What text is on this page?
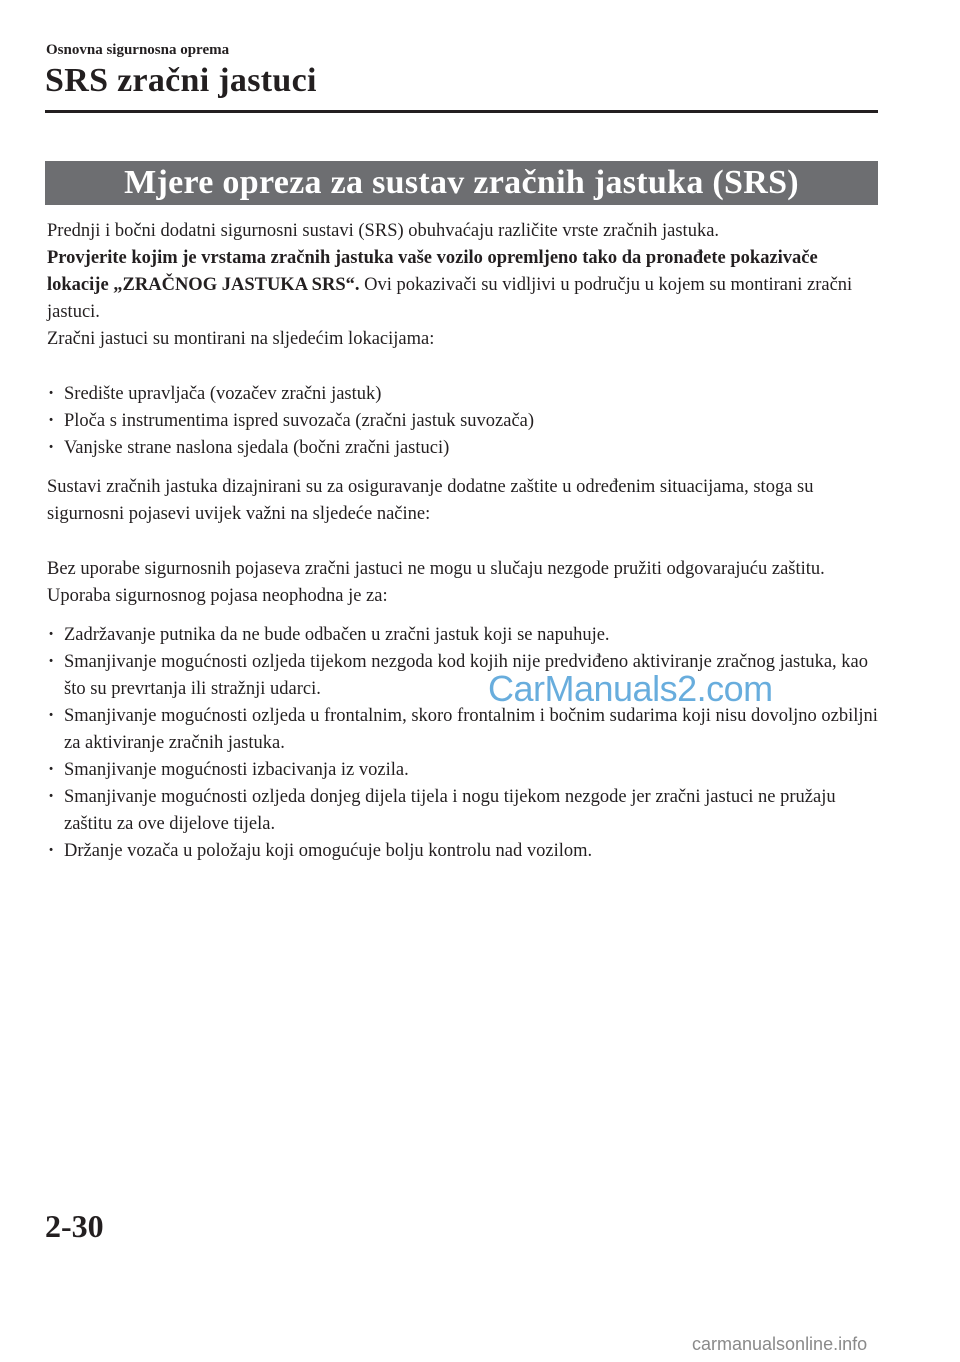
Osnovna sigurnosna oprema
SRS zračni jastuci
Mjere opreza za sustav zračnih jastuka (SRS)

Prednji i bočni dodatni sigurnosni sustavi (SRS) obuhvaćaju različite vrste zračnih jastuka.

Provjerite kojim je vrstama zračnih jastuka vaše vozilo opremljeno tako da pronađete pokazivače lokacije „ZRAČNOG JASTUKA SRS“. Ovi pokazivači su vidljivi u području u kojem su montirani zračni jastuci.

Zračni jastuci su montirani na sljedećim lokacijama:

· Središte upravljača (vozačev zračni jastuk)
· Ploča s instrumentima ispred suvozača (zračni jastuk suvozača)
· Vanjske strane naslona sjedala (bočni zračni jastuci)

Sustavi zračnih jastuka dizajnirani su za osiguravanje dodatne zaštite u određenim situacijama, stoga su sigurnosni pojasevi uvijek važni na sljedeće načine:

Bez uporabe sigurnosnih pojaseva zračni jastuci ne mogu u slučaju nezgode pružiti odgovarajuću zaštitu. Uporaba sigurnosnog pojasa neophodna je za:

· Zadržavanje putnika da ne bude odbačen u zračni jastuk koji se napuhuje.
· Smanjivanje mogućnosti ozljeda tijekom nezgoda kod kojih nije predviđeno aktiviranje zračnog jastuka, kao što su prevrtanja ili stražnji udarci.
· Smanjivanje mogućnosti ozljeda u frontalnim, skoro frontalnim i bočnim sudarima koji nisu dovoljno ozbiljni za aktiviranje zračnih jastuka.
· Smanjivanje mogućnosti izbacivanja iz vozila.
· Smanjivanje mogućnosti ozljeda donjeg dijela tijela i nogu tijekom nezgode jer zračni jastuci ne pružaju zaštitu za ove dijelove tijela.
· Držanje vozača u položaju koji omogućuje bolju kontrolu nad vozilom.
CarManuals2.com
2-30
carmanualsonline.info
